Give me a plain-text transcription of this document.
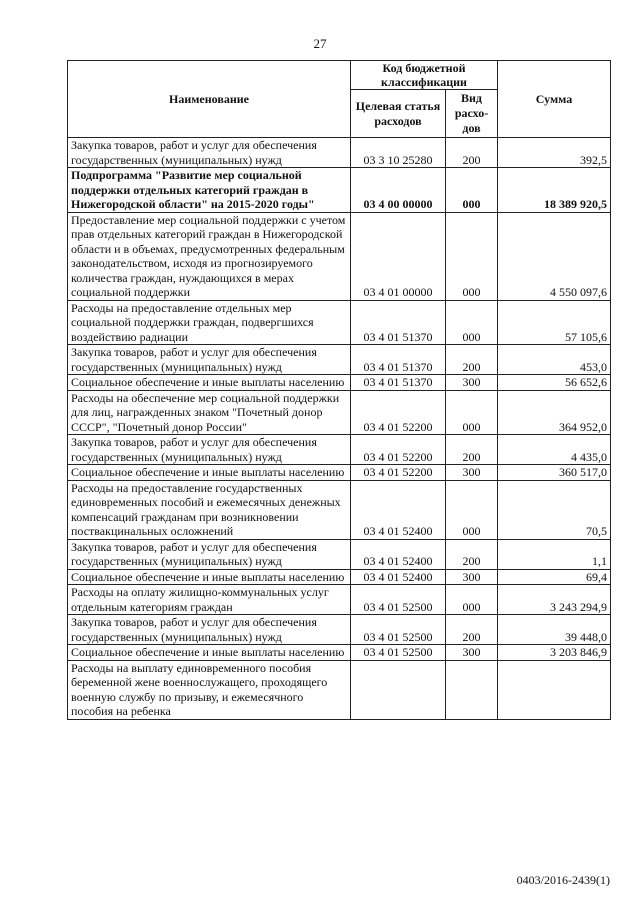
27
Наименование	Код бюджетной классификации		Сумма
	Целевая статья расходов	Вид расхо-дов	
Закупка товаров, работ и услуг для обеспечения государственных (муниципальных) нужд	03 3 10 25280	200	392,5
Подпрограмма "Развитие мер социальной поддержки отдельных категорий граждан в Нижегородской области" на 2015-2020 годы"	03 4 00 00000	000	18 389 920,5
Предоставление мер социальной поддержки с учетом прав отдельных категорий граждан в Нижегородской области и в объемах, предусмотренных федеральным законодательством, исходя из прогнозируемого количества граждан, нуждающихся в мерах социальной поддержки	03 4 01 00000	000	4 550 097,6
Расходы на предоставление отдельных мер социальной поддержки граждан, подвергшихся воздействию радиации	03 4 01 51370	000	57 105,6
Закупка товаров, работ и услуг для обеспечения государственных (муниципальных) нужд	03 4 01 51370	200	453,0
Социальное обеспечение и иные выплаты населению	03 4 01 51370	300	56 652,6
Расходы на обеспечение мер социальной поддержки для лиц, награжденных знаком "Почетный донор СССР", "Почетный донор России"	03 4 01 52200	000	364 952,0
Закупка товаров, работ и услуг для обеспечения государственных (муниципальных) нужд	03 4 01 52200	200	4 435,0
Социальное обеспечение и иные выплаты населению	03 4 01 52200	300	360 517,0
Расходы на предоставление государственных единовременных пособий и ежемесячных денежных компенсаций гражданам при возникновении поствакцинальных осложнений	03 4 01 52400	000	70,5
Закупка товаров, работ и услуг для обеспечения государственных (муниципальных) нужд	03 4 01 52400	200	1,1
Социальное обеспечение и иные выплаты населению	03 4 01 52400	300	69,4
Расходы на оплату жилищно-коммунальных услуг отдельным категориям граждан	03 4 01 52500	000	3 243 294,9
Закупка товаров, работ и услуг для обеспечения государственных (муниципальных) нужд	03 4 01 52500	200	39 448,0
Социальное обеспечение и иные выплаты населению	03 4 01 52500	300	3 203 846,9
Расходы на выплату единовременного пособия беременной жене военнослужащего, проходящего военную службу по призыву, и ежемесячного пособия на ребенка			
0403/2016-2439(1)
